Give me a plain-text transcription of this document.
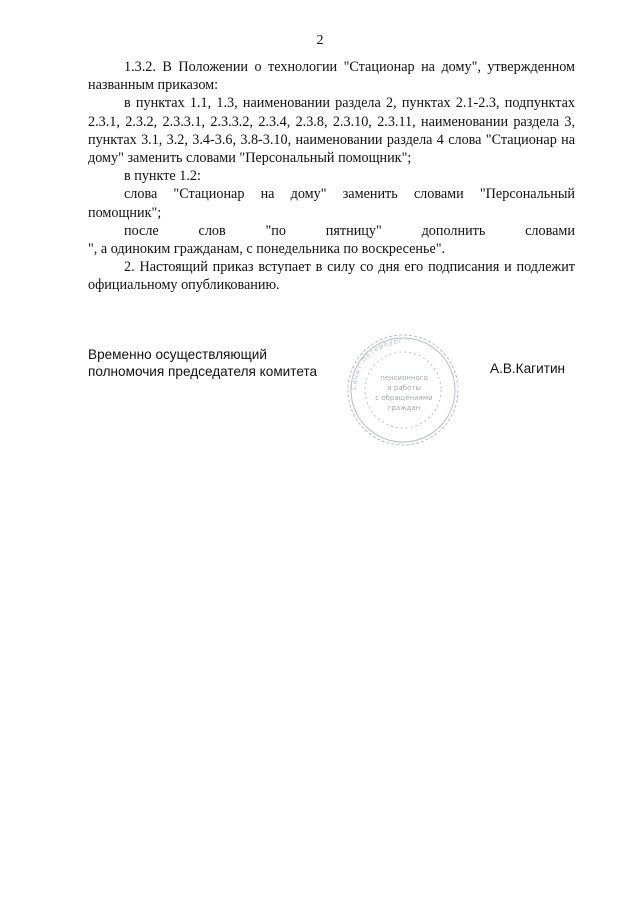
2

1.3.2. В Положении о технологии "Стационар на дому", утвержденном названным приказом:

в пунктах 1.1, 1.3, наименовании раздела 2, пунктах 2.1-2.3, подпунктах 2.3.1, 2.3.2, 2.3.3.1, 2.3.3.2, 2.3.4, 2.3.8, 2.3.10, 2.3.11, наименовании раздела 3, пунктах 3.1, 3.2, 3.4-3.6, 3.8-3.10, наименовании раздела 4 слова "Стационар на дому" заменить словами "Персональный помощник";

в пункте 1.2:

слова "Стационар на дому" заменить словами "Персональный помощник";

после слов "по пятницу" дополнить словами

", а одиноким гражданам, с понедельника по воскресенье".

2. Настоящий приказ вступает в силу со дня его подписания и подлежит официальному опубликованию.

Временно осуществляющий
полномочия председателя комитета
Санкт-Петербург
пенсионного
и работы
с обращениями
граждан
А.В.Кагитин
